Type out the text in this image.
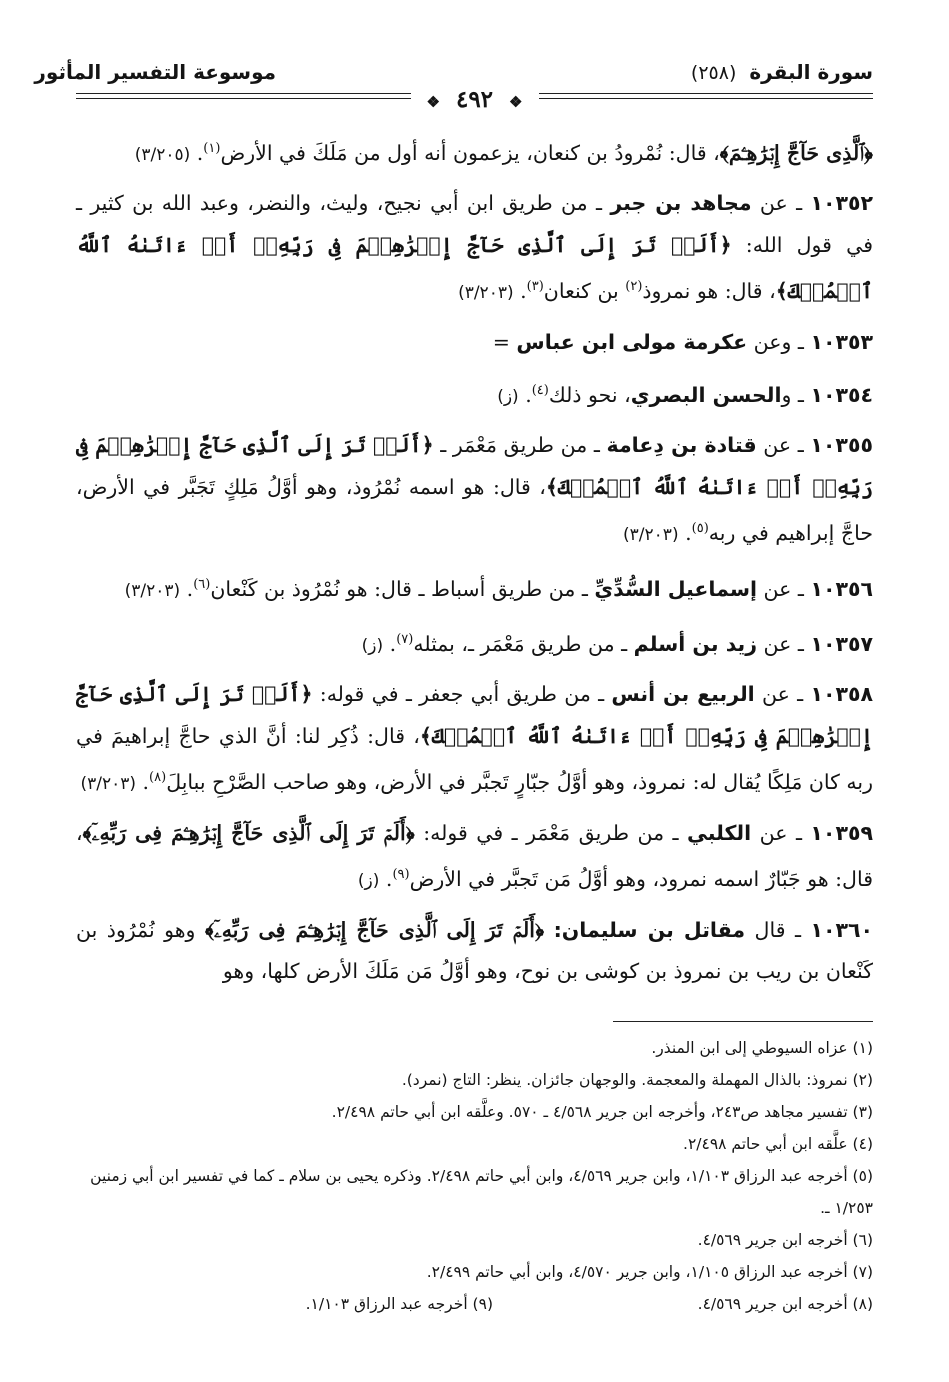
سورة البقرة (٢٥٨)
موسوعة التفسير المأثور
❖ ٤٩٢ ❖

﴿ٱلَّذِى حَآجَّ إِبۡرَٰهِـۧمَ﴾، قال: نُمْرودُ بن كنعان، يزعمون أنه أول من مَلَكَ في الأرض$^{(١)}$. (٣/٢٠٥)

١٠٣٥٢ ـ عن مجاهد بن جبر ـ من طريق ابن أبي نجيح، وليث، والنضر، وعبد الله بن كثير ـ في قول الله: ﴿أَلَمۡ تَرَ إِلَى ٱلَّذِى حَآجَّ إِبۡرَٰهِـۧمَ فِى رَبِّهِۦٓ أَنۡ ءَاتَىٰهُ ٱللَّهُ ٱلۡمُلۡكَ﴾، قال: هو نمروذ$^{(٢)}$ بن كنعان$^{(٣)}$. (٣/٢٠٣)

١٠٣٥٣ ـ وعن عكرمة مولى ابن عباس =

١٠٣٥٤ ـ والحسن البصري، نحو ذلك$^{(٤)}$. (ز)

١٠٣٥٥ ـ عن قتادة بن دِعامة ـ من طريق مَعْمَر ـ ﴿أَلَمۡ تَرَ إِلَى ٱلَّذِى حَآجَّ إِبۡرَٰهِـۧمَ فِى رَبِّهِۦٓ أَنۡ ءَاتَىٰهُ ٱللَّهُ ٱلۡمُلۡكَ﴾، قال: هو اسمه نُمْرُوذ، وهو أوَّلُ مَلِكٍ تَجَبَّر في الأرض، حاجَّ إبراهيم في ربه$^{(٥)}$. (٣/٢٠٣)

١٠٣٥٦ ـ عن إسماعيل السُّدِّيِّ ـ من طريق أسباط ـ قال: هو نُمْرُوذ بن كَنْعان$^{(٦)}$. (٣/٢٠٣)

١٠٣٥٧ ـ عن زيد بن أسلم ـ من طريق مَعْمَر ـ، بمثله$^{(٧)}$. (ز)

١٠٣٥٨ ـ عن الربيع بن أنس ـ من طريق أبي جعفر ـ في قوله: ﴿أَلَمۡ تَرَ إِلَى ٱلَّذِى حَآجَّ إِبۡرَٰهِـۧمَ فِى رَبِّهِۦٓ أَنۡ ءَاتَىٰهُ ٱللَّهُ ٱلۡمُلۡكَ﴾، قال: ذُكِر لنا: أنَّ الذي حاجَّ إبراهيمَ في ربه كان مَلِكًا يُقال له: نمروذ، وهو أوَّلُ جبّارٍ تَجبَّر في الأرض، وهو صاحب الصَّرْحِ ببابِلَ$^{(٨)}$. (٣/٢٠٣)

١٠٣٥٩ ـ عن الكلبي ـ من طريق مَعْمَر ـ في قوله: ﴿أَلَمۡ تَرَ إِلَى ٱلَّذِى حَآجَّ إِبۡرَٰهِـۧمَ فِى رَبِّهِۦٓ﴾، قال: هو جَبّارٌ اسمه نمرود، وهو أوَّلُ مَن تَجبَّر في الأرض$^{(٩)}$. (ز)

١٠٣٦٠ ـ قال مقاتل بن سليمان: ﴿أَلَمۡ تَرَ إِلَى ٱلَّذِى حَآجَّ إِبۡرَٰهِـۧمَ فِى رَبِّهِۦٓ﴾ وهو نُمْرُوذ بن كَنْعان بن ريب بن نمروذ بن كوشى بن نوح، وهو أوَّلُ مَن مَلَكَ الأرض كلها، وهو

(١) عزاه السيوطي إلى ابن المنذر.

(٢) نمروذ: بالذال المهملة والمعجمة. والوجهان جائزان. ينظر: التاج (نمرد).

(٣) تفسير مجاهد ص٢٤٣، وأخرجه ابن جرير ٤/٥٦٨ ـ ٥٧٠. وعلَّقه ابن أبي حاتم ٢/٤٩٨.

(٤) علَّقه ابن أبي حاتم ٢/٤٩٨.

(٥) أخرجه عبد الرزاق ١/١٠٣، وابن جرير ٤/٥٦٩، وابن أبي حاتم ٢/٤٩٨. وذكره يحيى بن سلام ـ كما في تفسير ابن أبي زمنين ١/٢٥٣ ـ.

(٦) أخرجه ابن جرير ٤/٥٦٩.

(٧) أخرجه عبد الرزاق ١/١٠٥، وابن جرير ٤/٥٧٠، وابن أبي حاتم ٢/٤٩٩.

(٨) أخرجه ابن جرير ٤/٥٦٩.

(٩) أخرجه عبد الرزاق ١/١٠٣.
